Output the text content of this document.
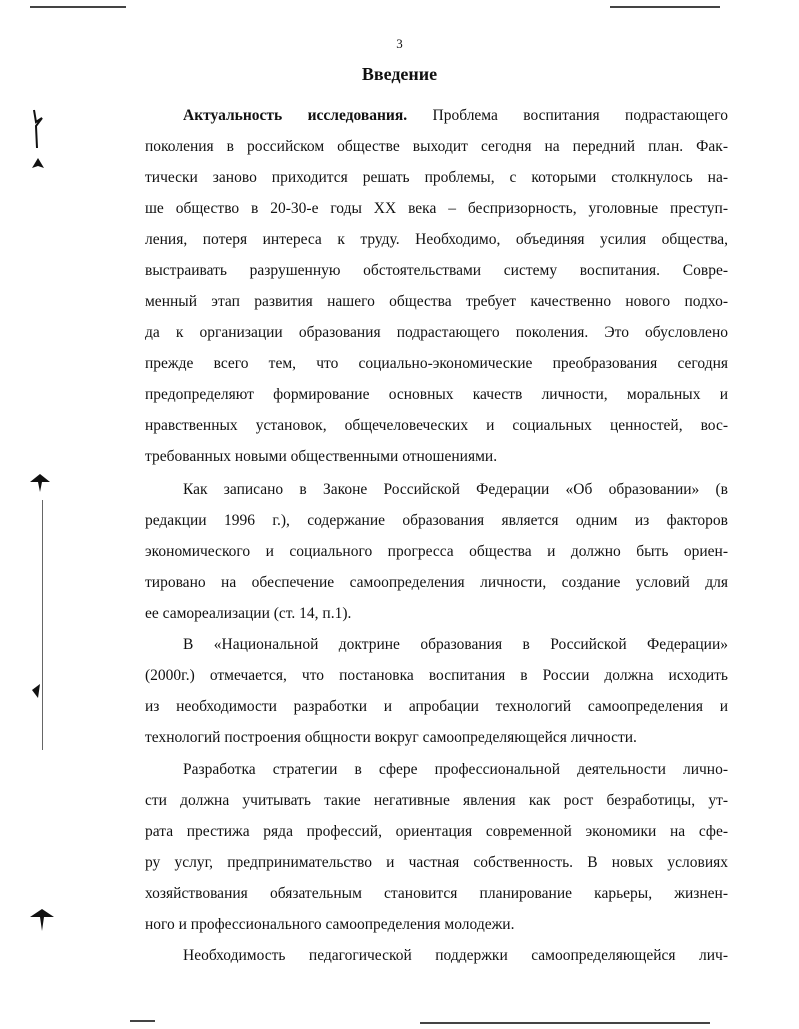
3
Введение
Актуальность исследования. Проблема воспитания подрастающего
поколения в российском обществе выходит сегодня на передний план. Фак-
тически заново приходится решать проблемы, с которыми столкнулось на-
ше общество в 20-30-е годы XX века – беспризорность, уголовные преступ-
ления, потеря интереса к труду. Необходимо, объединяя усилия общества,
выстраивать разрушенную обстоятельствами систему воспитания. Совре-
менный этап развития нашего общества требует качественно нового подхо-
да к организации образования подрастающего поколения. Это обусловлено
прежде всего тем, что социально-экономические преобразования сегодня
предопределяют формирование основных качеств личности, моральных и
нравственных установок, общечеловеческих и социальных ценностей, вос-
требованных новыми общественными отношениями.
Как записано в Законе Российской Федерации «Об образовании» (в
редакции 1996 г.), содержание образования является одним из факторов
экономического и социального прогресса общества и должно быть ориен-
тировано на обеспечение самоопределения личности, создание условий для
ее самореализации (ст. 14, п.1).
В «Национальной доктрине образования в Российской Федерации»
(2000г.) отмечается, что постановка воспитания в России должна исходить
из необходимости разработки и апробации технологий самоопределения и
технологий построения общности вокруг самоопределяющейся личности.
Разработка стратегии в сфере профессиональной деятельности лично-
сти должна учитывать такие негативные явления как рост безработицы, ут-
рата престижа ряда профессий, ориентация современной экономики на сфе-
ру услуг, предпринимательство и частная собственность. В новых условиях
хозяйствования обязательным становится планирование карьеры, жизнен-
ного и профессионального самоопределения молодежи.
Необходимость педагогической поддержки самоопределяющейся лич-
